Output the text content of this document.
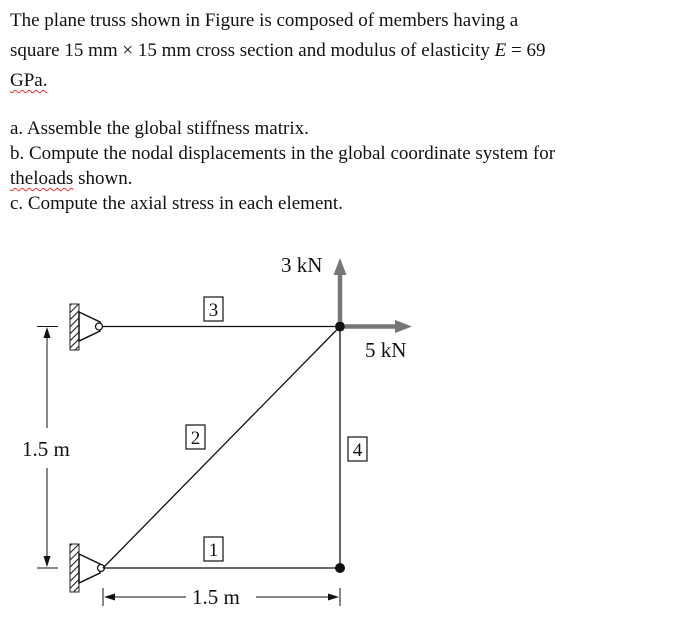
The plane truss shown in Figure is composed of members having a

square 15 mm × 15 mm cross section and modulus of elasticity E = 69

GPa.

a. Assemble the global stiffness matrix.

b. Compute the nodal displacements in the global coordinate system for

theloads shown.

c. Compute the axial stress in each element.

3 kN
5 kN
3
2
4
1
1.5 m
1.5 m
